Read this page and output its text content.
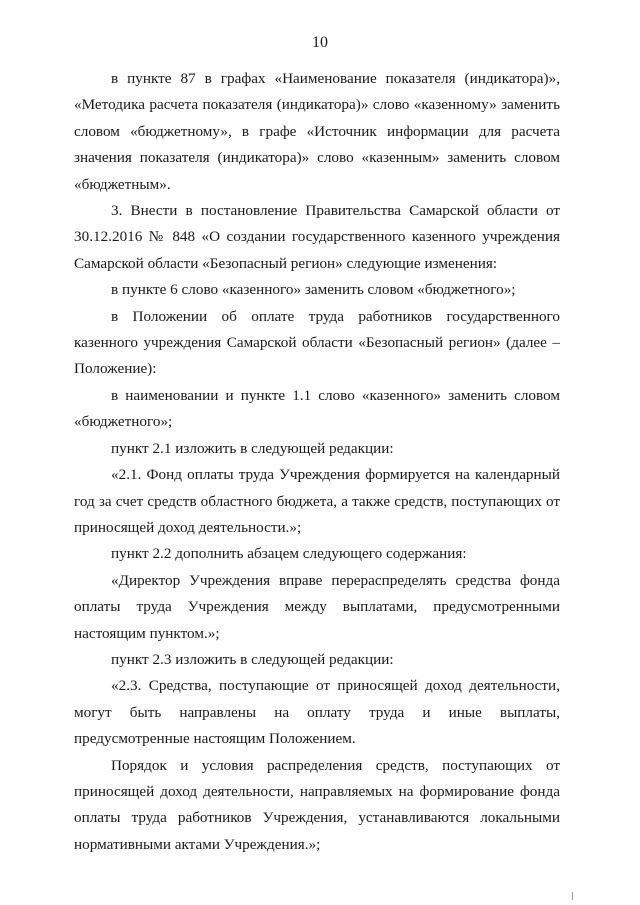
10

в пункте 87 в графах «Наименование показателя (индикатора)», «Методика расчета показателя (индикатора)» слово «казенному» заменить словом «бюджетному», в графе «Источник информации для расчета значения показателя (индикатора)» слово «казенным» заменить словом «бюджетным».

3. Внести в постановление Правительства Самарской области от 30.12.2016 № 848 «О создании государственного казенного учреждения Самарской области «Безопасный регион» следующие изменения:

в пункте 6 слово «казенного» заменить словом «бюджетного»;

в Положении об оплате труда работников государственного казенного учреждения Самарской области «Безопасный регион» (далее – Положение):

в наименовании и пункте 1.1 слово «казенного» заменить словом «бюджетного»;

пункт 2.1 изложить в следующей редакции:

«2.1. Фонд оплаты труда Учреждения формируется на календарный год за счет средств областного бюджета, а также средств, поступающих от приносящей доход деятельности.»;

пункт 2.2 дополнить абзацем следующего содержания:

«Директор Учреждения вправе перераспределять средства фонда оплаты труда Учреждения между выплатами, предусмотренными настоящим пунктом.»;

пункт 2.3 изложить в следующей редакции:

«2.3. Средства, поступающие от приносящей доход деятельности, могут быть направлены на оплату труда и иные выплаты, предусмотренные настоящим Положением.

Порядок и условия распределения средств, поступающих от приносящей доход деятельности, направляемых на формирование фонда оплаты труда работников Учреждения, устанавливаются локальными нормативными актами Учреждения.»;
